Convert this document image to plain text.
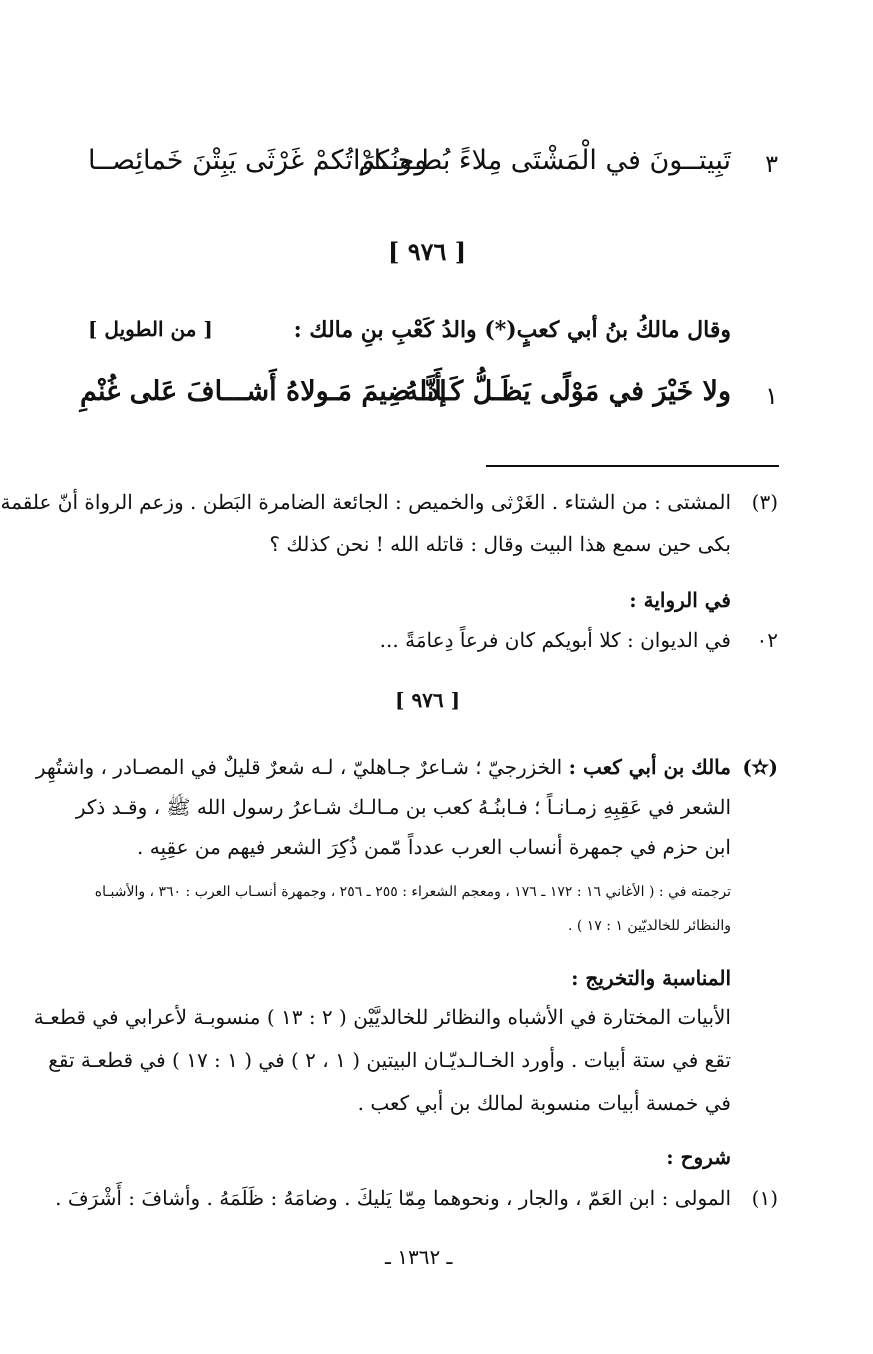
٣
تَبِيتــونَ في الْمَشْتَى مِلاءً بُطـونُكمْ
وجــارَاتُكمْ غَرْثَى يَبِتْنَ خَمائِصــا
[ ٩٧٦ ]
وقال مالكُ بنُ أبي كعبٍ(*) والدُ كَعْبِ بنِ مالك :
[ من الطويل ]
١
ولا خَيْرَ في مَوْلًى يَظَـلُّ كَـأَنَّـهُ
إذا ضِيمَ مَـولاهُ أَشـــافَ عَلى غُنْمِ
(٣)
المشتى : من الشتاء . الغَرْثى والخميص : الجائعة الضامرة البَطن . وزعم الرواة أنّ علقمة
بكى حين سمع هذا البيت وقال : قاتله الله ! نحن كذلك ؟
في الرواية :
٠٢
في الديوان : كلا أبويكم كان فرعاً دِعامَةً ...
[ ٩٧٦ ]
(✫)
مالك بن أبي كعب : الخزرجيّ ؛ شـاعرٌ جـاهليّ ، لـه شعرٌ قليلٌ في المصـادر ، واشتُهِر
الشعر في عَقِبِهِ زمـانـاً ؛ فـابنُـهُ كعب بن مـالـك شـاعرُ رسول الله ﷺ ، وقـد ذكر
ابن حزم في جمهرة أنساب العرب عدداً مّمن ذُكِرَ الشعر فيهم من عقِبِه .
ترجمته في : ( الأغاني ١٦ : ١٧٢ ـ ١٧٦ ، ومعجم الشعراء : ٢٥٥ ـ ٢٥٦ ، وجمهرة أنسـاب العرب : ٣٦٠ ، والأشبـاه
والنظائر للخالديّين ١ : ١٧ ) .
المناسبة والتخريج :
الأبيات المختارة في الأشباه والنظائر للخالديَّيْن ( ٢ : ١٣ ) منسوبـة لأعرابي في قطعـة
تقع في ستة أبيات . وأورد الخـالـديّـان البيتين ( ١ ، ٢ ) في ( ١ : ١٧ ) في قطعـة تقع
في خمسة أبيات منسوبة لمالك بن أبي كعب .
شروح :
(١)
المولى : ابن العَمّ ، والجار ، ونحوهما مِمّا يَليكَ . وضامَهُ : ظَلَمَهُ . وأشافَ : أَشْرَفَ .
ـ ١٣٦٢ ـ
